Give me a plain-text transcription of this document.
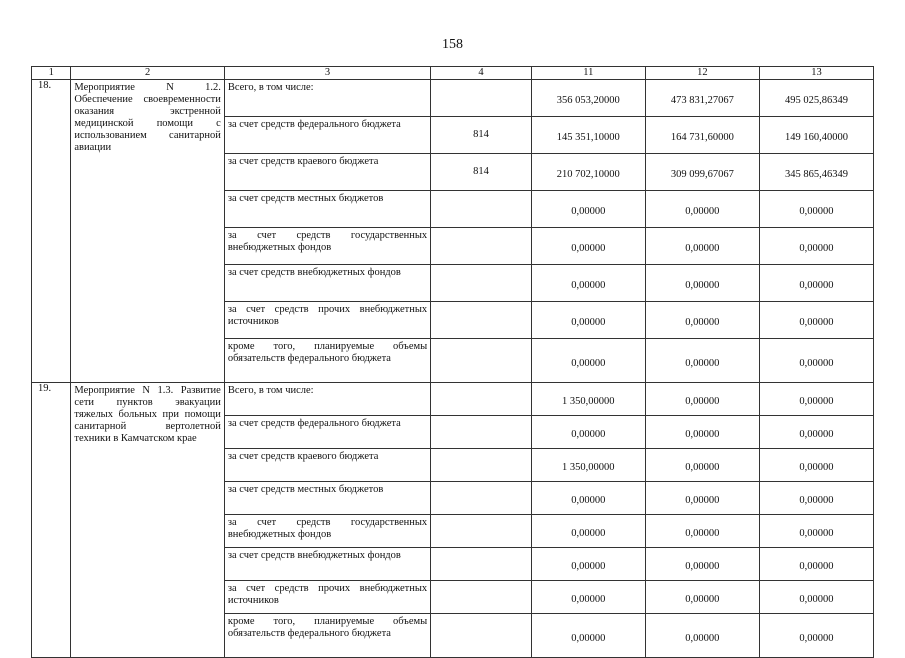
158
1	2	3	4	11	12	13
18.	Мероприятие N 1.2. Обеспечение своевременности оказания экстренной медицинской помощи с использованием санитарной авиации	Всего, в том числе:		356 053,20000	473 831,27067	495 025,86349
		за счет средств федерального бюджета	814	145 351,10000	164 731,60000	149 160,40000
		за счет средств краевого бюджета	814	210 702,10000	309 099,67067	345 865,46349
		за счет средств местных бюджетов		0,00000	0,00000	0,00000
		за счет средств государственных внебюджетных фондов		0,00000	0,00000	0,00000
		за счет средств внебюджетных фондов		0,00000	0,00000	0,00000
		за счет средств прочих внебюджетных источников		0,00000	0,00000	0,00000
		кроме того, планируемые объемы обязательств федерального бюджета		0,00000	0,00000	0,00000
19.	Мероприятие N 1.3. Развитие сети пунктов эвакуации тяжелых больных при помощи санитарной вертолетной техники в Камчатском крае	Всего, в том числе:		1 350,00000	0,00000	0,00000
		за счет средств федерального бюджета		0,00000	0,00000	0,00000
		за счет средств краевого бюджета		1 350,00000	0,00000	0,00000
		за счет средств местных бюджетов		0,00000	0,00000	0,00000
		за счет средств государственных внебюджетных фондов		0,00000	0,00000	0,00000
		за счет средств внебюджетных фондов		0,00000	0,00000	0,00000
		за счет средств прочих внебюджетных источников		0,00000	0,00000	0,00000
		кроме того, планируемые объемы обязательств федерального бюджета		0,00000	0,00000	0,00000
